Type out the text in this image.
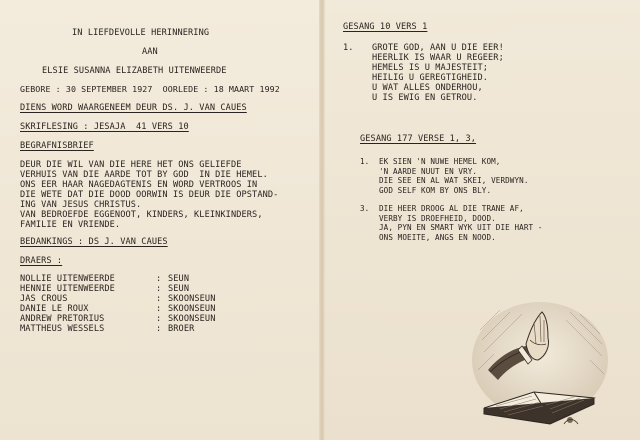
IN LIEFDEVOLLE HERINNERING
AAN
ELSIE SUSANNA ELIZABETH UITENWEERDE
GEBORE : 30 SEPTEMBER 1927  OORLEDE : 18 MAART 1992
DIENS WORD WAARGENEEM DEUR DS. J. VAN CAUES
SKRIFLESING : JESAJA  41 VERS 10
BEGRAFNISBRIEF
DEUR DIE WIL VAN DIE HERE HET ONS GELIEFDE
VERHUIS VAN DIE AARDE TOT BY GOD  IN DIE HEMEL.
ONS EER HAAR NAGEDAGTENIS EN WORD VERTROOS IN
DIE WETE DAT DIE DOOD OORWIN IS DEUR DIE OPSTAND-
ING VAN JESUS CHRISTUS.
VAN BEDROEFDE EGGENOOT, KINDERS, KLEINKINDERS,
FAMILIE EN VRIENDE.
BEDANKINGS : DS J. VAN CAUES
DRAERS :
NOLLIE UITENWEERDE	: SEUN
HENNIE UITENWEERDE	: SEUN
JAS CROUS	: SKOONSEUN
DANIE LE ROUX	: SKOONSEUN
ANDREW PRETORIUS	: SKOONSEUN
MATTHEUS WESSELS	: BROER
GESANG 10 VERS 1
1. GROTE GOD, AAN U DIE EER!
HEERLIK IS WAAR U REGEER;
HEMELS IS U MAJESTEIT;
HEILIG U GEREGTIGHEID.
U WAT ALLES ONDERHOU,
U IS EWIG EN GETROU.
GESANG 177 VERSE 1, 3,
1. EK SIEN 'N NUWE HEMEL KOM,
'N AARDE NUUT EN VRY.
DIE SEE EN AL WAT SKEI, VERDWYN.
GOD SELF KOM BY ONS BLY.
3. DIE HEER DROOG AL DIE TRANE AF,
VERBY IS DROEFHEID, DOOD.
JA, PYN EN SMART WYK UIT DIE HART -
ONS MOEITE, ANGS EN NOOD.
